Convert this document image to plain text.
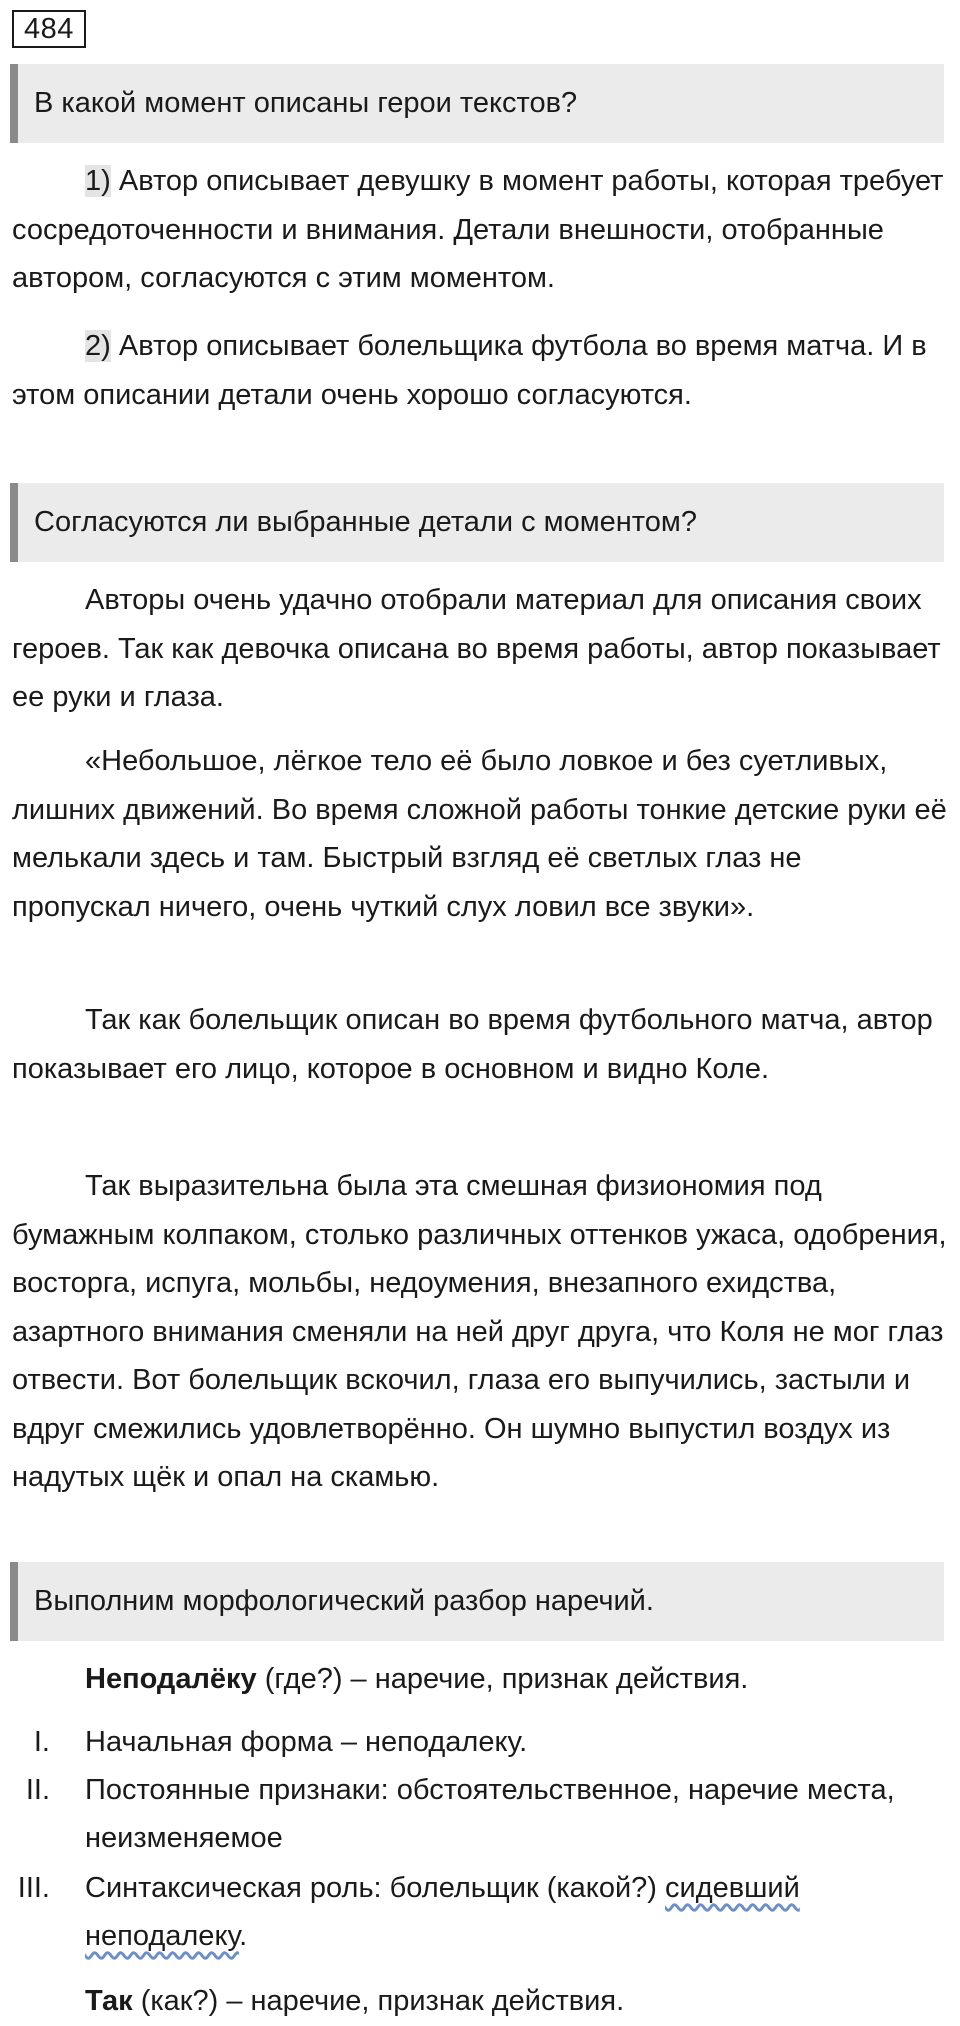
484
В какой момент описаны герои текстов?

1) Автор описывает девушку в момент работы, которая требует сосредоточенности и внимания. Детали внешности, отобранные автором, согласуются с этим моментом.

2) Автор описывает болельщика футбола во время матча. И в этом описании детали очень хорошо согласуются.

Согласуются ли выбранные детали с моментом?

Авторы очень удачно отобрали материал для описания своих героев. Так как девочка описана во время работы, автор показывает ее руки и глаза.

«Небольшое, лёгкое тело её было ловкое и без суетливых, лишних движений. Во время сложной работы тонкие детские руки её мелькали здесь и там. Быстрый взгляд её светлых глаз не пропускал ничего, очень чуткий слух ловил все звуки».

Так как болельщик описан во время футбольного матча, автор показывает его лицо, которое в основном и видно Коле.

Так выразительна была эта смешная физиономия под бумажным колпаком, столько различных оттенков ужаса, одобрения, восторга, испуга, мольбы, недоумения, внезапного ехидства, азартного внимания сменяли на ней друг друга, что Коля не мог глаз отвести. Вот болельщик вскочил, глаза его выпучились, застыли и вдруг смежились удовлетворённо. Он шумно выпустил воздух из надутых щёк и опал на скамью.

Выполним морфологический разбор наречий.

Неподалёку (где?) – наречие, признак действия.

I. Начальная форма – неподалеку.
II. Постоянные признаки: обстоятельственное, наречие места, неизменяемое
III. Синтаксическая роль: болельщик (какой?) сидевший неподалеку.

Так (как?) – наречие, признак действия.
